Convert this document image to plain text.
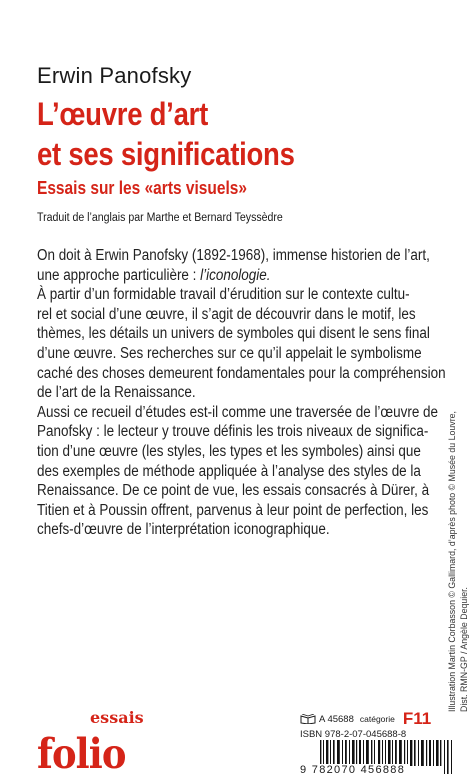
Erwin Panofsky
L’œuvre d’art
et ses significations
Essais sur les «arts visuels»
Traduit de l’anglais par Marthe et Bernard Teyssèdre
On doit à Erwin Panofsky (1892-1968), immense historien de l’art,
une approche particulière : l’iconologie.
À partir d’un formidable travail d’érudition sur le contexte cultu-
rel et social d’une œuvre, il s’agit de découvrir dans le motif, les
thèmes, les détails un univers de symboles qui disent le sens final
d’une œuvre. Ses recherches sur ce qu’il appelait le symbolisme
caché des choses demeurent fondamentales pour la compréhension
de l’art de la Renaissance.
Aussi ce recueil d’études est-il comme une traversée de l’œuvre de
Panofsky : le lecteur y trouve définis les trois niveaux de significa-
tion d’une œuvre (les styles, les types et les symboles) ainsi que
des exemples de méthode appliquée à l’analyse des styles de la
Renaissance. De ce point de vue, les essais consacrés à Dürer, à
Titien et à Poussin offrent, parvenus à leur point de perfection, les
chefs-d’œuvre de l’interprétation iconographique.	Illustration Martin Corbasson © Gallimard, d’après photo © Musée du Louvre, Dist. RMN-GP / Angèle Dequier.
essais
folio
A 45688 catégorie F11
ISBN 978-2-07-045688-8
9 782070 456888
